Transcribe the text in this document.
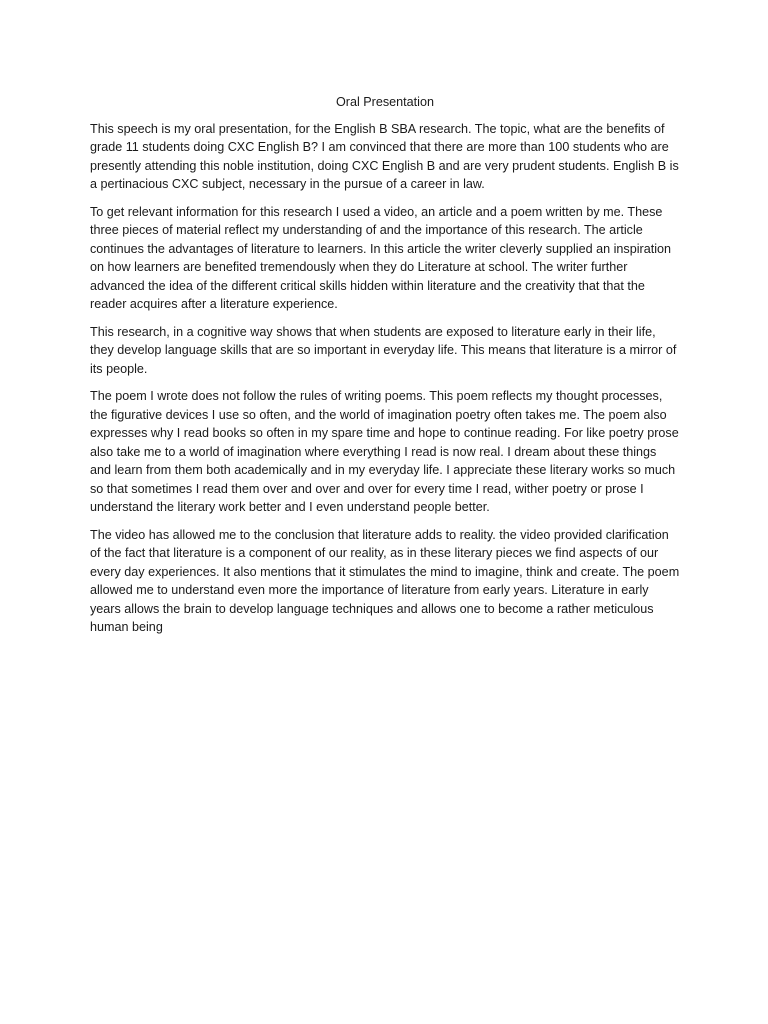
Oral Presentation

This speech is my oral presentation, for the English B SBA research. The topic, what are the benefits of grade 11 students doing CXC English B? I am convinced that there are more than 100 students who are presently attending this noble institution, doing CXC English B and are very prudent students. English B is a pertinacious CXC subject, necessary in the pursue of a career in law.

To get relevant information for this research I used a video, an article and a poem written by me. These three pieces of material reflect my understanding of and the importance of this research. The article continues the advantages of literature to learners. In this article the writer cleverly supplied an inspiration on how learners are benefited tremendously when they do Literature at school. The writer further advanced the idea of the different critical skills hidden within literature and the creativity that that the reader acquires after a literature experience.

This research, in a cognitive way shows that when students are exposed to literature early in their life, they develop language skills that are so important in everyday life. This means that literature is a mirror of its people.

The poem I wrote does not follow the rules of writing poems. This poem reflects my thought processes, the figurative devices I use so often, and the world of imagination poetry often takes me. The poem also expresses why I read books so often in my spare time and hope to continue reading. For like poetry prose also take me to a world of imagination where everything I read is now real. I dream about these things and learn from them both academically and in my everyday life. I appreciate these literary works so much so that sometimes I read them over and over and over for every time I read, wither poetry or prose I understand the literary work better and I even understand people better.

The video has allowed me to the conclusion that literature adds to reality. the video provided clarification of the fact that literature is a component of our reality, as in these literary pieces we find aspects of our every day experiences. It also mentions that it stimulates the mind to imagine, think and create. The poem allowed me to understand even more the importance of literature from early years. Literature in early years allows the brain to develop language techniques and allows one to become a rather meticulous human being
